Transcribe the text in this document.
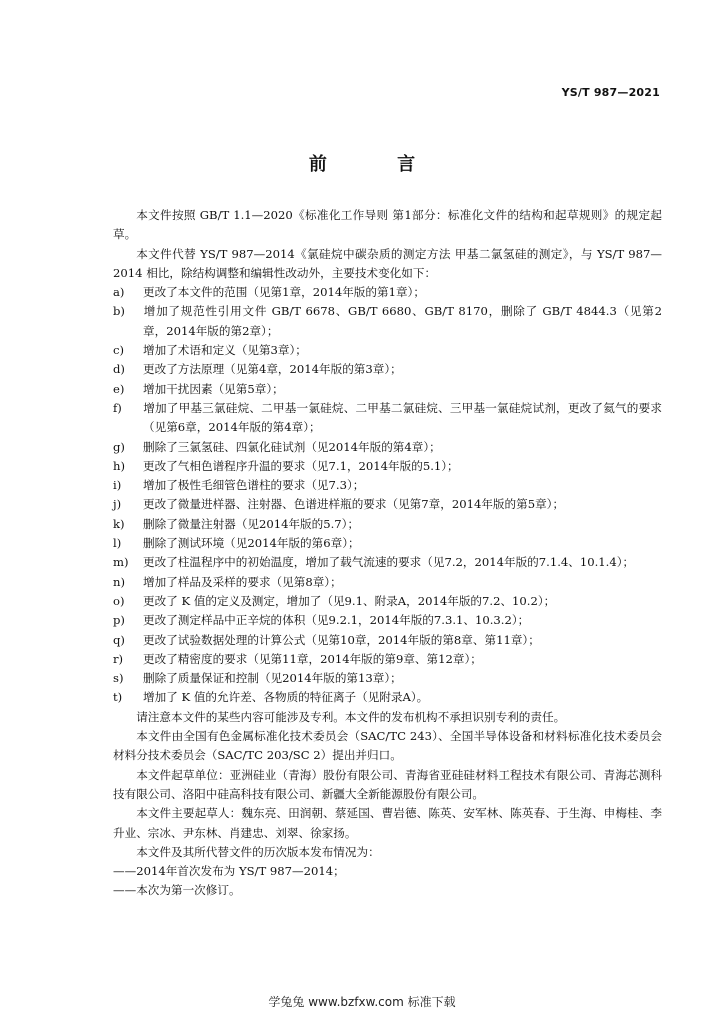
YS/T 987—2021
前 言
本文件按照 GB/T 1.1—2020《标准化工作导则 第1部分：标准化文件的结构和起草规则》的规定起草。
本文件代替 YS/T 987—2014《氯硅烷中碳杂质的测定方法 甲基二氯氢硅的测定》，与 YS/T 987—2014 相比，除结构调整和编辑性改动外，主要技术变化如下：
a) 更改了本文件的范围（见第1章，2014年版的第1章）；
b) 增加了规范性引用文件 GB/T 6678、GB/T 6680、GB/T 8170，删除了 GB/T 4844.3（见第2章，2014年版的第2章）；
c) 增加了术语和定义（见第3章）；
d) 更改了方法原理（见第4章，2014年版的第3章）；
e) 增加干扰因素（见第5章）；
f) 增加了甲基三氯硅烷、二甲基一氯硅烷、二甲基二氯硅烷、三甲基一氯硅烷试剂，更改了氦气的要求（见第6章，2014年版的第4章）；
g) 删除了三氯氢硅、四氯化硅试剂（见2014年版的第4章）；
h) 更改了气相色谱程序升温的要求（见7.1，2014年版的5.1）；
i) 增加了极性毛细管色谱柱的要求（见7.3）；
j) 更改了微量进样器、注射器、色谱进样瓶的要求（见第7章，2014年版的第5章）；
k) 删除了微量注射器（见2014年版的5.7）；
l) 删除了测试环境（见2014年版的第6章）；
m) 更改了柱温程序中的初始温度，增加了载气流速的要求（见7.2，2014年版的7.1.4、10.1.4）；
n) 增加了样品及采样的要求（见第8章）；
o) 更改了 K 值的定义及测定，增加了（见9.1、附录A，2014年版的7.2、10.2）；
p) 更改了测定样品中正辛烷的体积（见9.2.1，2014年版的7.3.1、10.3.2）；
q) 更改了试验数据处理的计算公式（见第10章，2014年版的第8章、第11章）；
r) 更改了精密度的要求（见第11章，2014年版的第9章、第12章）；
s) 删除了质量保证和控制（见2014年版的第13章）；
t) 增加了 K 值的允许差、各物质的特征离子（见附录A）。
请注意本文件的某些内容可能涉及专利。本文件的发布机构不承担识别专利的责任。
本文件由全国有色金属标准化技术委员会（SAC/TC 243）、全国半导体设备和材料标准化技术委员会材料分技术委员会（SAC/TC 203/SC 2）提出并归口。
本文件起草单位：亚洲硅业（青海）股份有限公司、青海省亚硅硅材料工程技术有限公司、青海芯测科技有限公司、洛阳中硅高科技有限公司、新疆大全新能源股份有限公司。
本文件主要起草人：魏东亮、田润朝、蔡延国、曹岩德、陈英、安军林、陈英春、于生海、申梅桂、李升业、宗冰、尹东林、肖建忠、刘翠、徐家扬。
本文件及其所代替文件的历次版本发布情况为：
——2014年首次发布为 YS/T 987—2014；
——本次为第一次修订。
学兔兔 www.bzfxw.com 标准下载
